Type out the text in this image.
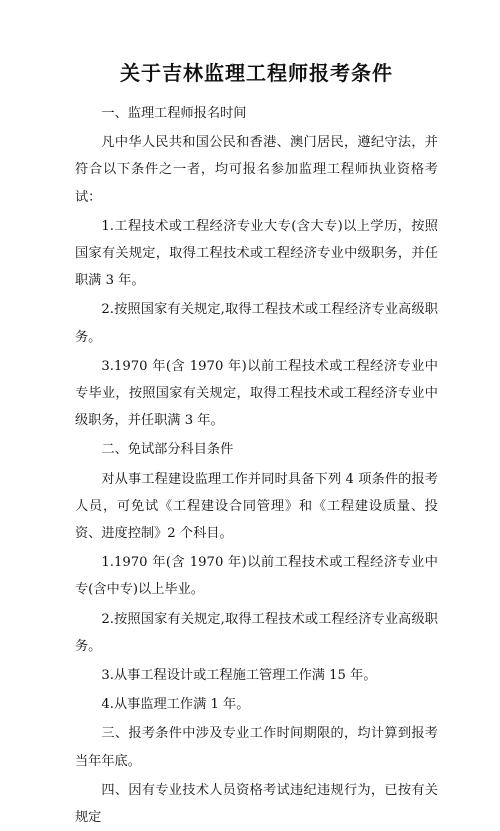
关于吉林监理工程师报考条件
一、监理工程师报名时间
凡中华人民共和国公民和香港、澳门居民，遵纪守法，并符合以下条件之一者，均可报名参加监理工程师执业资格考试：
1.工程技术或工程经济专业大专(含大专)以上学历，按照国家有关规定，取得工程技术或工程经济专业中级职务，并任职满 3 年。
2.按照国家有关规定,取得工程技术或工程经济专业高级职务。
3.1970 年(含 1970 年)以前工程技术或工程经济专业中专毕业，按照国家有关规定，取得工程技术或工程经济专业中级职务，并任职满 3 年。
二、免试部分科目条件
对从事工程建设监理工作并同时具备下列 4 项条件的报考人员，可免试《工程建设合同管理》和《工程建设质量、投资、进度控制》2 个科目。
1.1970 年(含 1970 年)以前工程技术或工程经济专业中专(含中专)以上毕业。
2.按照国家有关规定,取得工程技术或工程经济专业高级职务。
3.从事工程设计或工程施工管理工作满 15 年。
4.从事监理工作满 1 年。
三、报考条件中涉及专业工作时间期限的，均计算到报考当年年底。
四、因有专业技术人员资格考试违纪违规行为，已按有关规定
